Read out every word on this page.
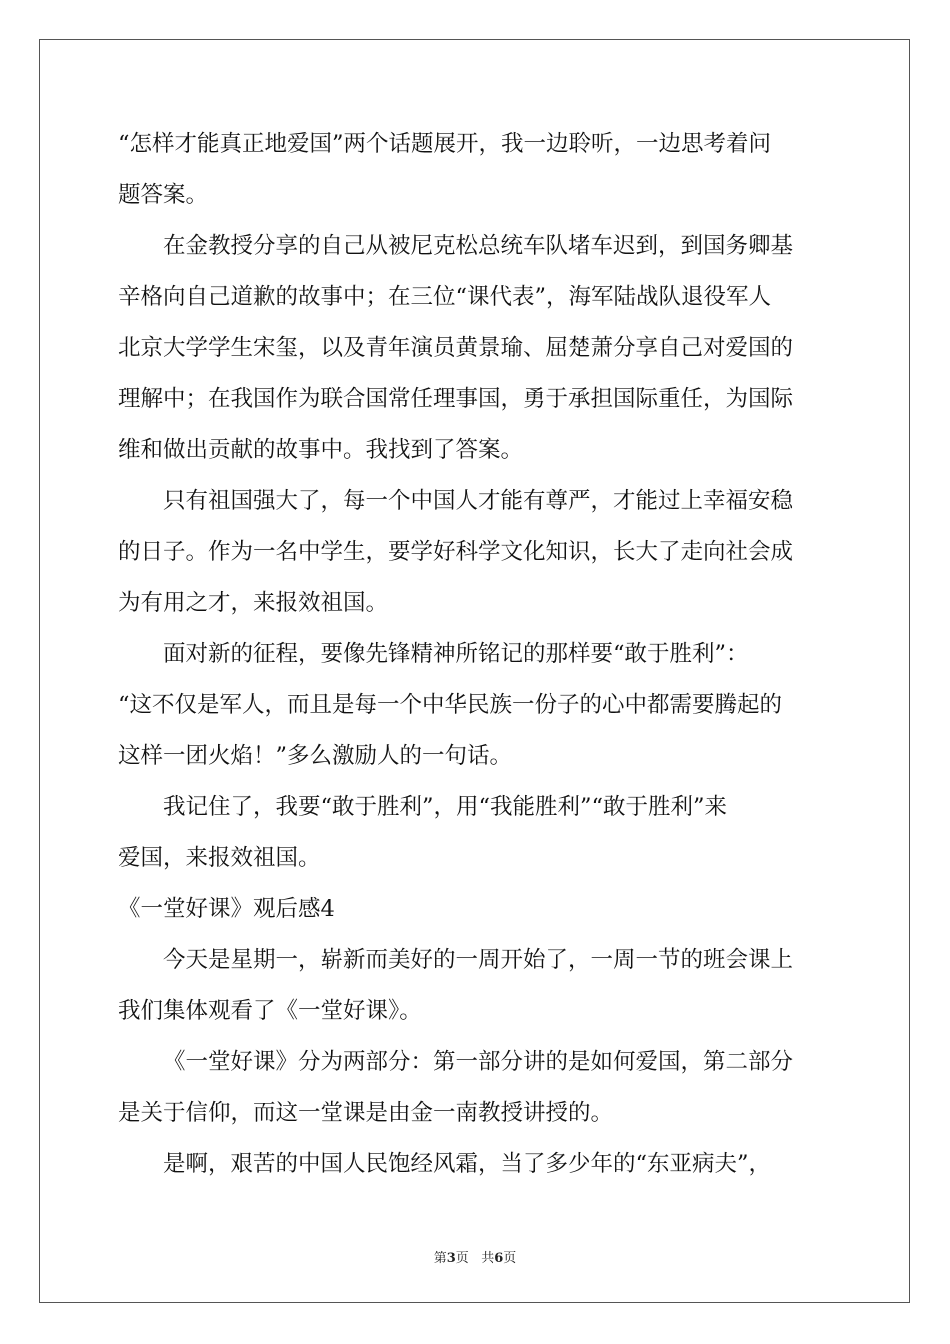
“怎样才能真正地爱国”两个话题展开，我一边聆听，一边思考着问
题答案。
在金教授分享的自己从被尼克松总统车队堵车迟到，到国务卿基
辛格向自己道歉的故事中；在三位“课代表”，海军陆战队退役军人
北京大学学生宋玺，以及青年演员黄景瑜、屈楚萧分享自己对爱国的
理解中；在我国作为联合国常任理事国，勇于承担国际重任，为国际
维和做出贡献的故事中。我找到了答案。
只有祖国强大了，每一个中国人才能有尊严，才能过上幸福安稳
的日子。作为一名中学生，要学好科学文化知识，长大了走向社会成
为有用之才，来报效祖国。
面对新的征程，要像先锋精神所铭记的那样要“敢于胜利”：
“这不仅是军人，而且是每一个中华民族一份子的心中都需要腾起的
这样一团火焰！”多么激励人的一句话。
我记住了，我要“敢于胜利”，用“我能胜利”“敢于胜利”来
爱国，来报效祖国。
《一堂好课》观后感4
今天是星期一，崭新而美好的一周开始了，一周一节的班会课上
我们集体观看了《一堂好课》。
《一堂好课》分为两部分：第一部分讲的是如何爱国，第二部分
是关于信仰，而这一堂课是由金一南教授讲授的。
是啊，艰苦的中国人民饱经风霜，当了多少年的“东亚病夫”，
第3页 共6页
